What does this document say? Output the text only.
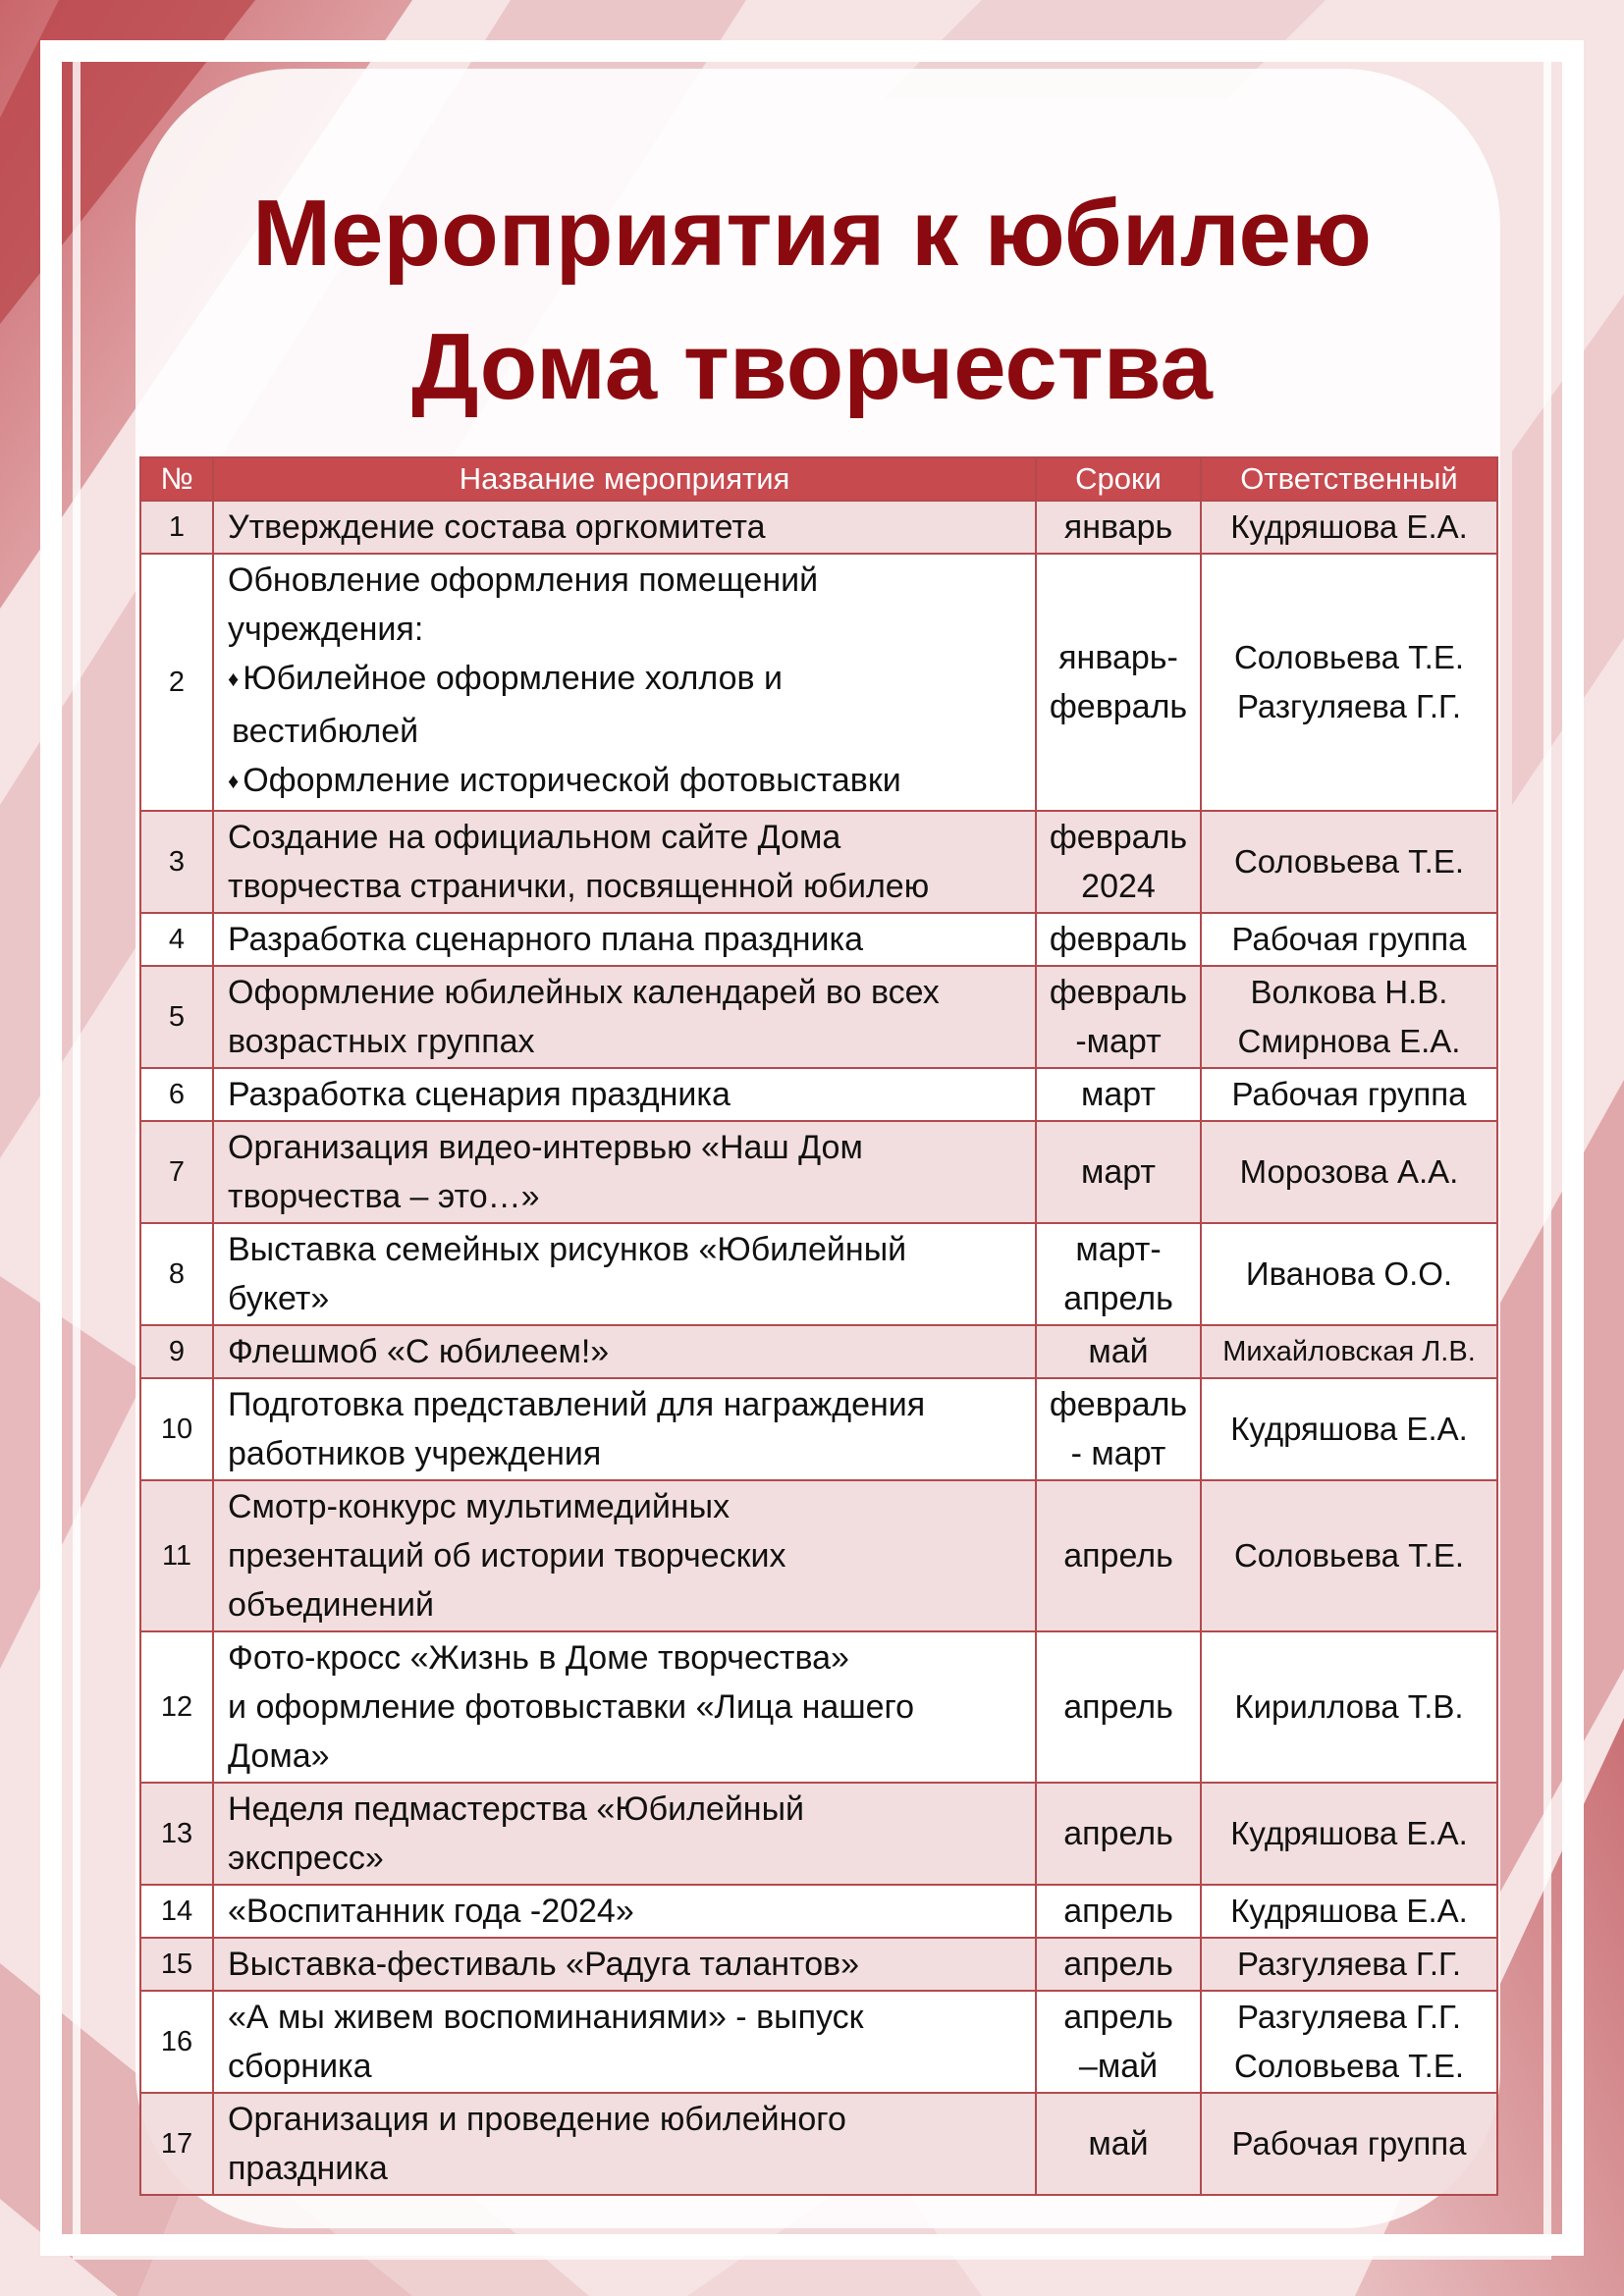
Мероприятия к юбилею
Дома творчества
№	Название мероприятия	Сроки	Ответственный
1	Утверждение состава оргкомитета	январь	Кудряшова Е.А.

2	Обновление оформления помещений
учреждения:
♦ Юбилейное оформление холлов и
вестибюлей
♦ Оформление исторической фотовыставки	январь-
февраль	Соловьева Т.Е.
Разгуляева Г.Г.

3	Создание на официальном сайте Дома
творчества странички, посвященной юбилею	февраль
2024	Соловьева Т.Е.

4	Разработка сценарного плана праздника	февраль	Рабочая группа

5	Оформление юбилейных календарей во всех
возрастных группах	февраль
-март	Волкова Н.В.
Смирнова Е.А.

6	Разработка сценария праздника	март	Рабочая группа

7	Организация видео-интервью «Наш Дом
творчества – это…»	март	Морозова А.А.

8	Выставка семейных рисунков «Юбилейный
букет»	март-
апрель	Иванова О.О.

9	Флешмоб «С юбилеем!»	май	Михайловская Л.В.

10	Подготовка представлений для награждения
работников учреждения	февраль
- март	Кудряшова Е.А.

11	Смотр-конкурс мультимедийных
презентаций об истории творческих
объединений	апрель	Соловьева Т.Е.

12	Фото-кросс «Жизнь в Доме творчества»
и оформление фотовыставки «Лица нашего
Дома»	апрель	Кириллова Т.В.

13	Неделя педмастерства «Юбилейный
экспресс»	апрель	Кудряшова Е.А.

14	«Воспитанник года -2024»	апрель	Кудряшова Е.А.

15	Выставка-фестиваль «Радуга талантов»	апрель	Разгуляева Г.Г.

16	«А мы живем воспоминаниями» - выпуск
сборника	апрель
–май	Разгуляева Г.Г.
Соловьева Т.Е.

17	Организация и проведение юбилейного
праздника	май	Рабочая группа
